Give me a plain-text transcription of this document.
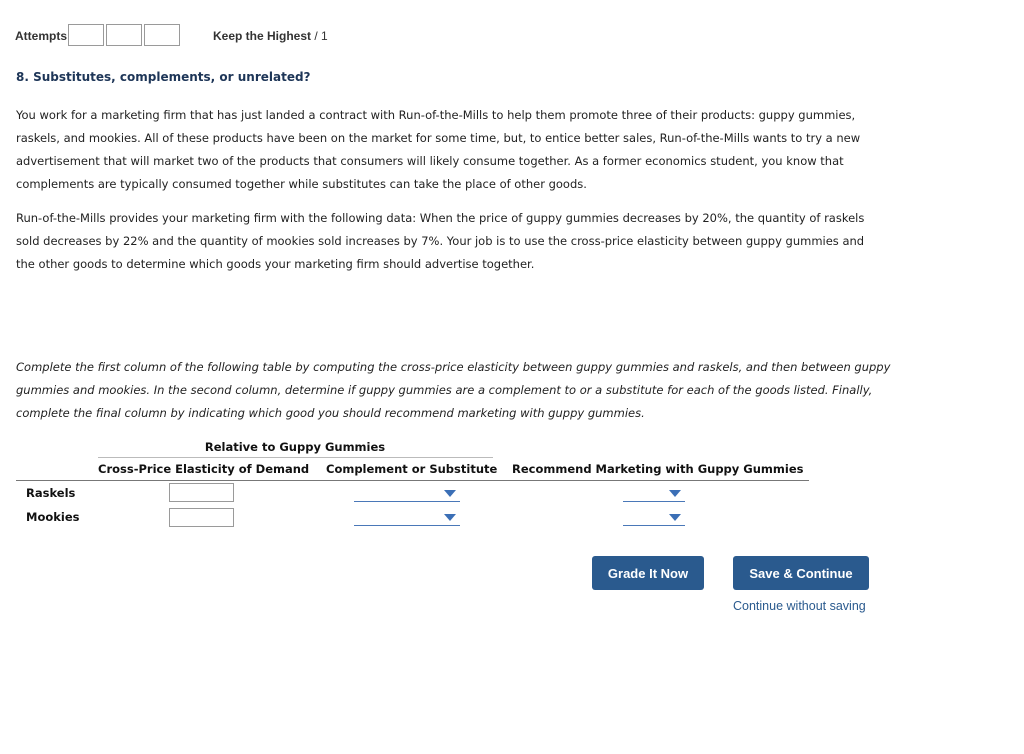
Attempts	Keep the Highest / 1
8. Substitutes, complements, or unrelated?
You work for a marketing firm that has just landed a contract with Run-of-the-Mills to help them promote three of their products: guppy gummies, raskels, and mookies. All of these products have been on the market for some time, but, to entice better sales, Run-of-the-Mills wants to try a new advertisement that will market two of the products that consumers will likely consume together. As a former economics student, you know that complements are typically consumed together while substitutes can take the place of other goods.
Run-of-the-Mills provides your marketing firm with the following data: When the price of guppy gummies decreases by 20%, the quantity of raskels sold decreases by 22% and the quantity of mookies sold increases by 7%. Your job is to use the cross-price elasticity between guppy gummies and the other goods to determine which goods your marketing firm should advertise together.
Complete the first column of the following table by computing the cross-price elasticity between guppy gummies and raskels, and then between guppy gummies and mookies. In the second column, determine if guppy gummies are a complement to or a substitute for each of the goods listed. Finally, complete the final column by indicating which good you should recommend marketing with guppy gummies.
Relative to Guppy Gummies
Cross-Price Elasticity of Demand Complement or Substitute Recommend Marketing with Guppy Gummies
Raskels
Mookies
Grade It Now	Save & Continue
Continue without saving
